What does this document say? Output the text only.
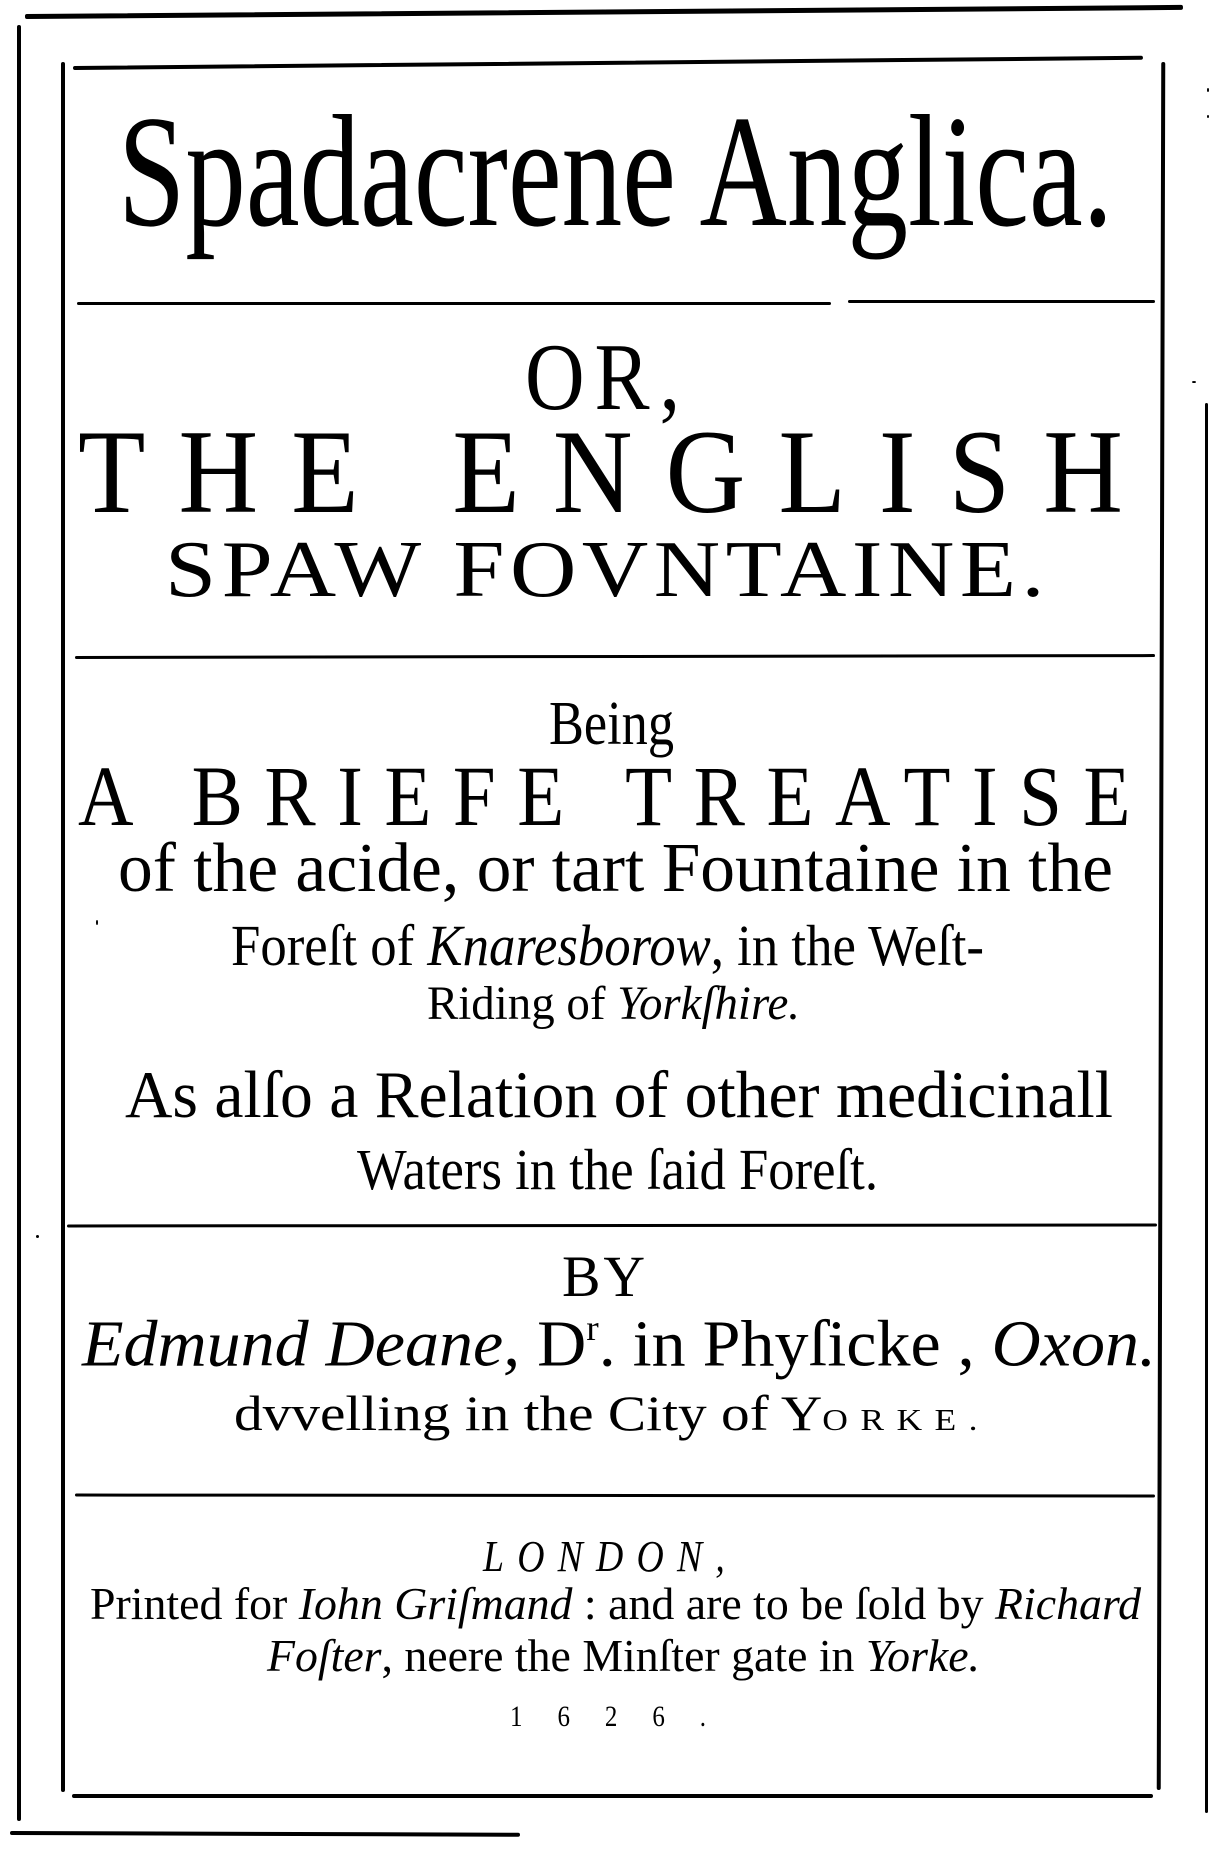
Spadacrene Anglica.
OR,
THE ENGLISH
SPAW FOVNTAINE.
Being
A BRIEFE TREATISE
of the acide, or tart Fountaine in the
Foreſt of Knaresborow, in the Weſt-
Riding of Yorkſhire.
As alſo a Relation of other medicinall
Waters in the ſaid Foreſt.
BY
Edmund Deane, $D^r$. in Phyſicke , Oxon.
dvvelling in the City of YORKE.
LONDON,
Printed for Iohn Griſmand : and are to be ſold by Richard
Foſter, neere the Minſter gate in Yorke.
1626.
